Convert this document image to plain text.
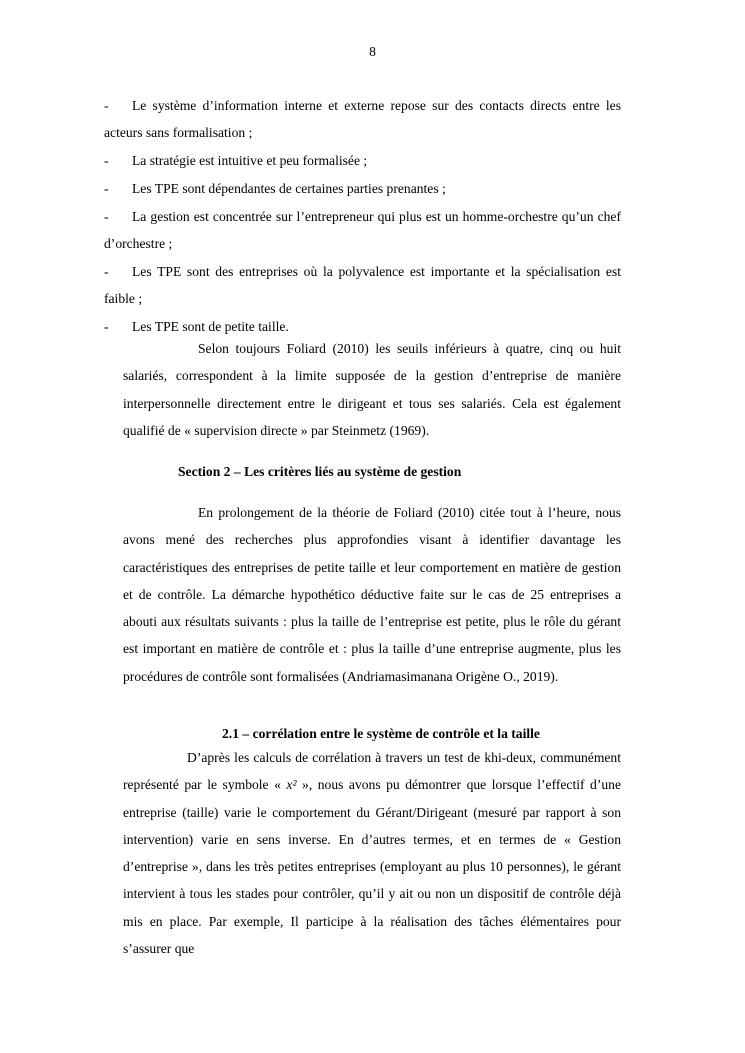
8

- Le système d’information interne et externe repose sur des contacts directs entre les acteurs sans formalisation ;

- La stratégie est intuitive et peu formalisée ;

- Les TPE sont dépendantes de certaines parties prenantes ;

- La gestion est concentrée sur l’entrepreneur qui plus est un homme-orchestre qu’un chef d’orchestre ;

- Les TPE sont des entreprises où la polyvalence est importante et la spécialisation est faible ;

- Les TPE sont de petite taille.

Selon toujours Foliard (2010) les seuils inférieurs à quatre, cinq ou huit salariés, correspondent à la limite supposée de la gestion d’entreprise de manière interpersonnelle directement entre le dirigeant et tous ses salariés. Cela est également qualifié de « supervision directe » par Steinmetz (1969).

Section 2 – Les critères liés au système de gestion

En prolongement de la théorie de Foliard (2010) citée tout à l’heure, nous avons mené des recherches plus approfondies visant à identifier davantage les caractéristiques des entreprises de petite taille et leur comportement en matière de gestion et de contrôle. La démarche hypothético déductive faite sur le cas de 25 entreprises a abouti aux résultats suivants : plus la taille de l’entreprise est petite, plus le rôle du gérant est important en matière de contrôle et : plus la taille d’une entreprise augmente, plus les procédures de contrôle sont formalisées (Andriamasimanana Origène O., 2019).

2.1 – corrélation entre le système de contrôle et la taille

D’après les calculs de corrélation à travers un test de khi-deux, communément représenté par le symbole « x² », nous avons pu démontrer que lorsque l’effectif d’une entreprise (taille) varie le comportement du Gérant/Dirigeant (mesuré par rapport à son intervention) varie en sens inverse. En d’autres termes, et en termes de « Gestion d’entreprise », dans les très petites entreprises (employant au plus 10 personnes), le gérant intervient à tous les stades pour contrôler, qu’il y ait ou non un dispositif de contrôle déjà mis en place. Par exemple, Il participe à la réalisation des tâches élémentaires pour s’assurer que
